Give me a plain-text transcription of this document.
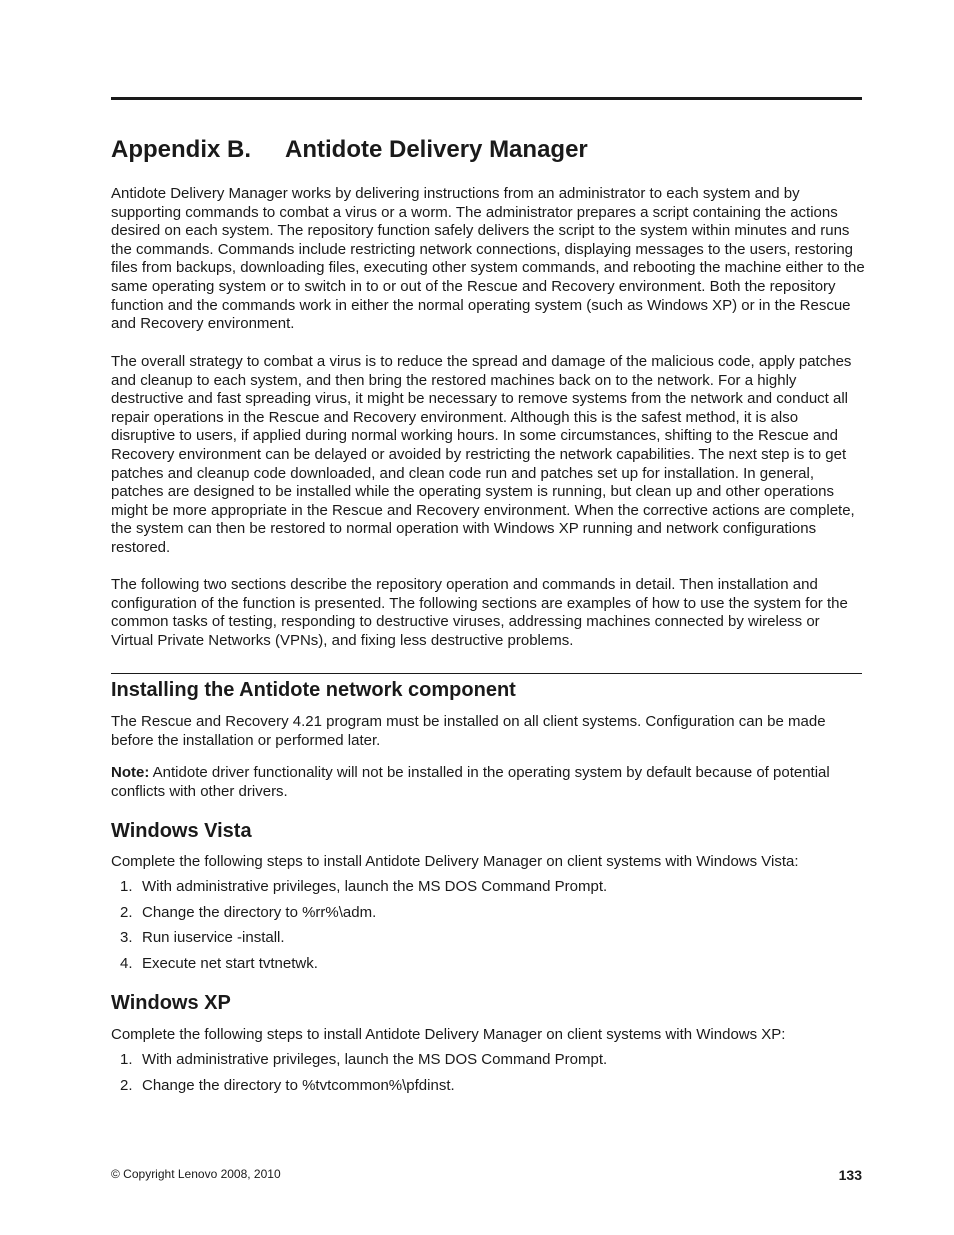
Appendix B. Antidote Delivery Manager

Antidote Delivery Manager works by delivering instructions from an administrator to each system and by supporting commands to combat a virus or a worm. The administrator prepares a script containing the actions desired on each system. The repository function safely delivers the script to the system within minutes and runs the commands. Commands include restricting network connections, displaying messages to the users, restoring files from backups, downloading files, executing other system commands, and rebooting the machine either to the same operating system or to switch in to or out of the Rescue and Recovery environment. Both the repository function and the commands work in either the normal operating system (such as Windows XP) or in the Rescue and Recovery environment.

The overall strategy to combat a virus is to reduce the spread and damage of the malicious code, apply patches and cleanup to each system, and then bring the restored machines back on to the network. For a highly destructive and fast spreading virus, it might be necessary to remove systems from the network and conduct all repair operations in the Rescue and Recovery environment. Although this is the safest method, it is also disruptive to users, if applied during normal working hours. In some circumstances, shifting to the Rescue and Recovery environment can be delayed or avoided by restricting the network capabilities. The next step is to get patches and cleanup code downloaded, and clean code run and patches set up for installation. In general, patches are designed to be installed while the operating system is running, but clean up and other operations might be more appropriate in the Rescue and Recovery environment. When the corrective actions are complete, the system can then be restored to normal operation with Windows XP running and network configurations restored.

The following two sections describe the repository operation and commands in detail. Then installation and configuration of the function is presented. The following sections are examples of how to use the system for the common tasks of testing, responding to destructive viruses, addressing machines connected by wireless or Virtual Private Networks (VPNs), and fixing less destructive problems.

Installing the Antidote network component

The Rescue and Recovery 4.21 program must be installed on all client systems. Configuration can be made before the installation or performed later.

Note: Antidote driver functionality will not be installed in the operating system by default because of potential conflicts with other drivers.

Windows Vista

Complete the following steps to install Antidote Delivery Manager on client systems with Windows Vista:

1. With administrative privileges, launch the MS DOS Command Prompt.
2. Change the directory to %rr%\adm.
3. Run iuservice -install.
4. Execute net start tvtnetwk.
Windows XP

Complete the following steps to install Antidote Delivery Manager on client systems with Windows XP:

1. With administrative privileges, launch the MS DOS Command Prompt.
2. Change the directory to %tvtcommon%\pfdinst.
© Copyright Lenovo 2008, 2010	133
